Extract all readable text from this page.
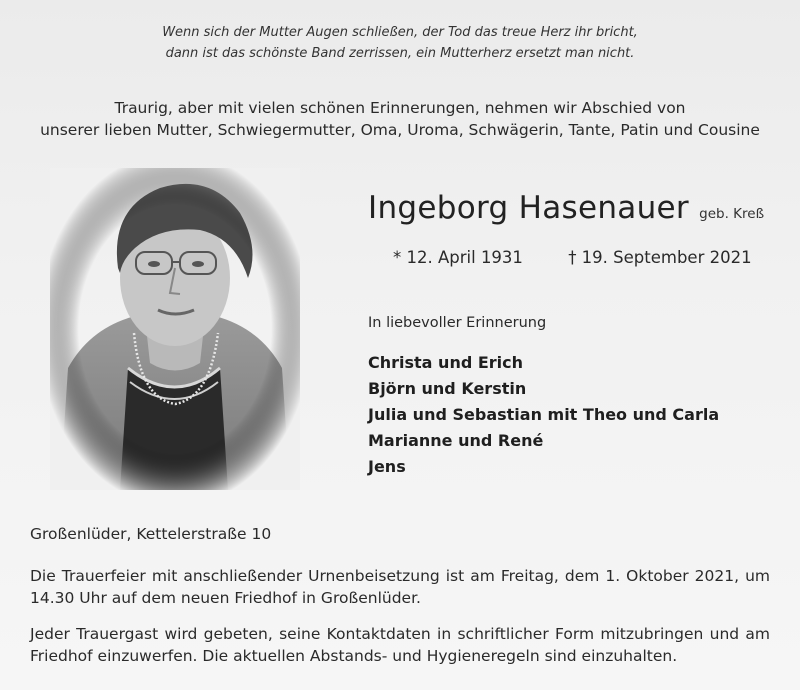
Wenn sich der Mutter Augen schließen, der Tod das treue Herz ihr bricht,
dann ist das schönste Band zerrissen, ein Mutterherz ersetzt man nicht.
Traurig, aber mit vielen schönen Erinnerungen, nehmen wir Abschied von
unserer lieben Mutter, Schwiegermutter, Oma, Uroma, Schwägerin, Tante, Patin und Cousine
Ingeborg Hasenauer geb. Kreß
* 12. April 1931	† 19. September 2021
In liebevoller Erinnerung
Christa und Erich
Björn und Kerstin
Julia und Sebastian mit Theo und Carla
Marianne und René
Jens
Großenlüder, Kettelerstraße 10
Die Trauerfeier mit anschließender Urnenbeisetzung ist am Freitag, dem 1. Oktober 2021, um 14.30 Uhr auf dem neuen Friedhof in Großenlüder.
Jeder Trauergast wird gebeten, seine Kontaktdaten in schriftlicher Form mitzubringen und am Friedhof einzuwerfen. Die aktuellen Abstands- und Hygieneregeln sind einzuhalten.
